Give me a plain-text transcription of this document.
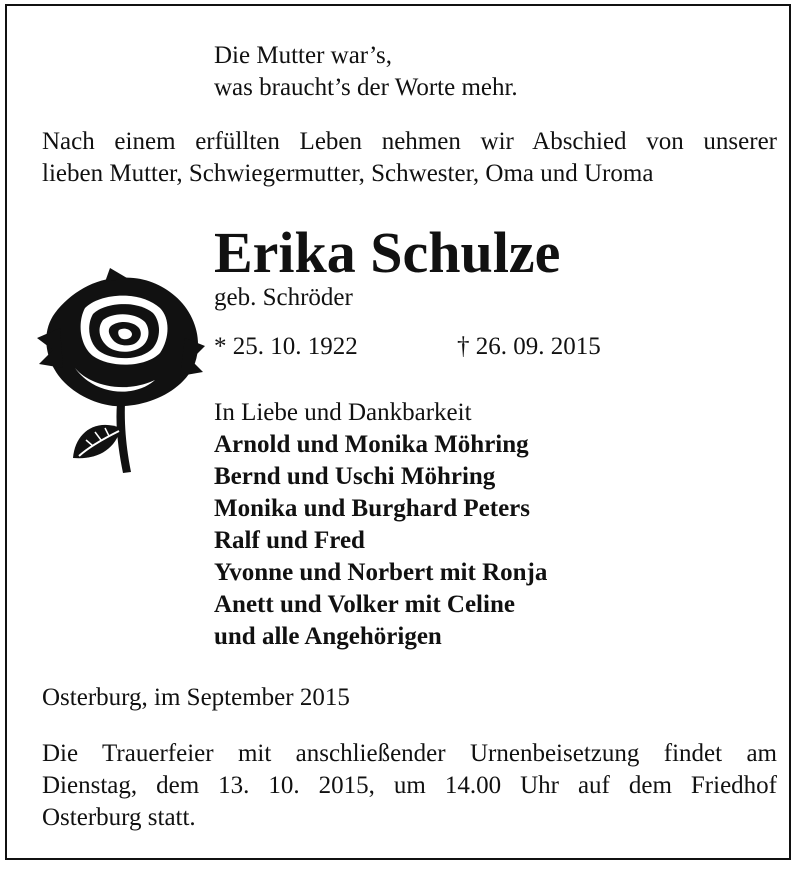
Die Mutter war’s,

was braucht’s der Worte mehr.

Nach einem erfüllten Leben nehmen wir Abschied von unserer
lieben Mutter, Schwiegermutter, Schwester, Oma und Uroma
Erika Schulze

geb. Schröder

* 25. 10. 1922	† 26. 09. 2015

In Liebe und Dankbarkeit

Arnold und Monika Möhring

Bernd und Uschi Möhring

Monika und Burghard Peters

Ralf und Fred

Yvonne und Norbert mit Ronja

Anett und Volker mit Celine

und alle Angehörigen

Osterburg, im September 2015

Die Trauerfeier mit anschließender Urnenbeisetzung findet am
Dienstag, dem 13. 10. 2015, um 14.00 Uhr auf dem Friedhof
Osterburg statt.
